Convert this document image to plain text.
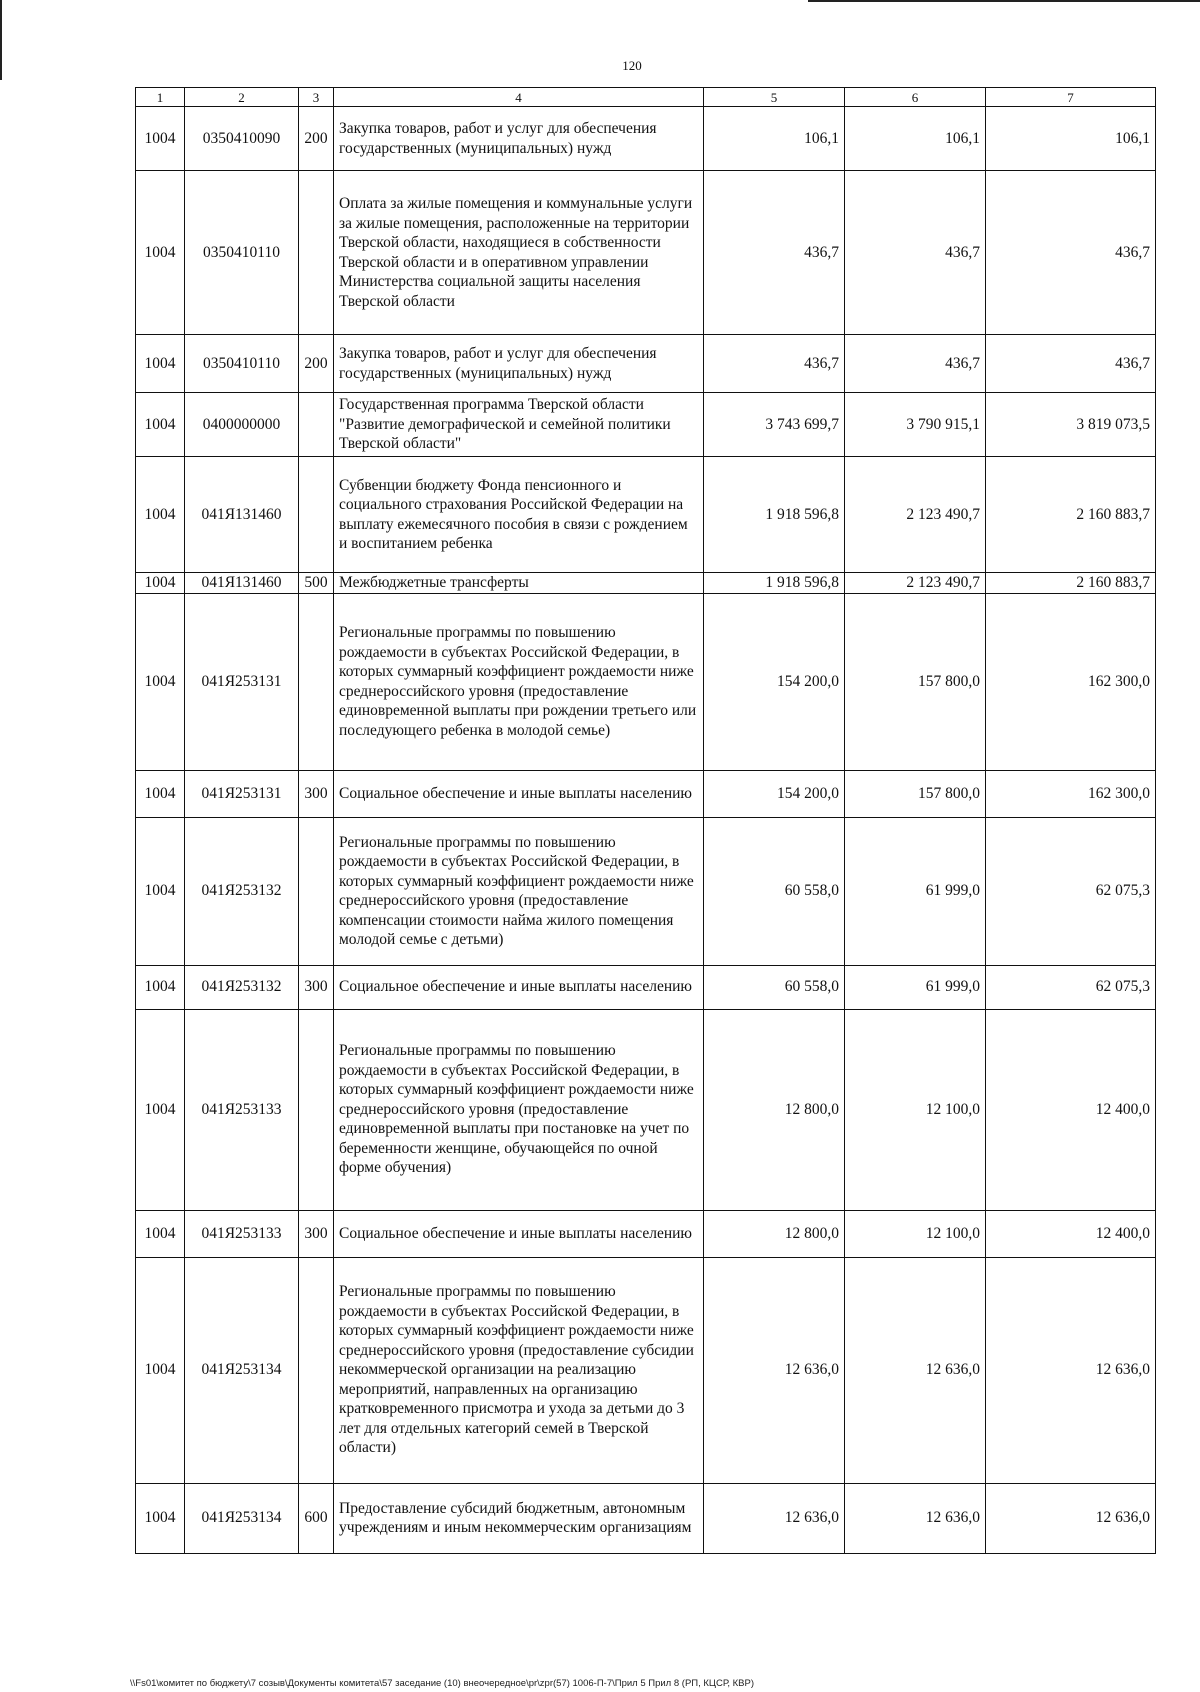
120
1	2	3	4	5	6	7
1004	0350410090	200	Закупка товаров, работ и услуг для обеспечения государственных (муниципальных) нужд	106,1	106,1	106,1
1004	0350410110		Оплата за жилые помещения и коммунальные услуги за жилые помещения, расположенные на территории Тверской области, находящиеся в собственности Тверской области и в оперативном управлении Министерства социальной защиты населения Тверской области	436,7	436,7	436,7
1004	0350410110	200	Закупка товаров, работ и услуг для обеспечения государственных (муниципальных) нужд	436,7	436,7	436,7
1004	0400000000		Государственная программа Тверской области "Развитие демографической и семейной политики Тверской области"	3 743 699,7	3 790 915,1	3 819 073,5
1004	041Я131460		Субвенции бюджету Фонда пенсионного и социального страхования Российской Федерации на выплату ежемесячного пособия в связи с рождением и воспитанием ребенка	1 918 596,8	2 123 490,7	2 160 883,7
1004	041Я131460	500	Межбюджетные трансферты	1 918 596,8	2 123 490,7	2 160 883,7
1004	041Я253131		Региональные программы по повышению рождаемости в субъектах Российской Федерации, в которых суммарный коэффициент рождаемости ниже среднероссийского уровня (предоставление единовременной выплаты при рождении третьего или последующего ребенка в молодой семье)	154 200,0	157 800,0	162 300,0
1004	041Я253131	300	Социальное обеспечение и иные выплаты населению	154 200,0	157 800,0	162 300,0
1004	041Я253132		Региональные программы по повышению рождаемости в субъектах Российской Федерации, в которых суммарный коэффициент рождаемости ниже среднероссийского уровня (предоставление компенсации стоимости найма жилого помещения молодой семье с детьми)	60 558,0	61 999,0	62 075,3
1004	041Я253132	300	Социальное обеспечение и иные выплаты населению	60 558,0	61 999,0	62 075,3
1004	041Я253133		Региональные программы по повышению рождаемости в субъектах Российской Федерации, в которых суммарный коэффициент рождаемости ниже среднероссийского уровня (предоставление единовременной выплаты при постановке на учет по беременности женщине, обучающейся по очной форме обучения)	12 800,0	12 100,0	12 400,0
1004	041Я253133	300	Социальное обеспечение и иные выплаты населению	12 800,0	12 100,0	12 400,0
1004	041Я253134		Региональные программы по повышению рождаемости в субъектах Российской Федерации, в которых суммарный коэффициент рождаемости ниже среднероссийского уровня (предоставление субсидии некоммерческой организации на реализацию мероприятий, направленных на организацию кратковременного присмотра и ухода за детьми до 3 лет для отдельных категорий семей в Тверской области)	12 636,0	12 636,0	12 636,0
1004	041Я253134	600	Предоставление субсидий бюджетным, автономным учреждениям и иным некоммерческим организациям	12 636,0	12 636,0	12 636,0
\\Fs01\комитет по бюджету\7 созыв\Документы комитета\57 заседание (10) внеочередное\pr\zpr(57) 1006-П-7\Прил 5 Прил 8 (РП, КЦСР, КВР)
